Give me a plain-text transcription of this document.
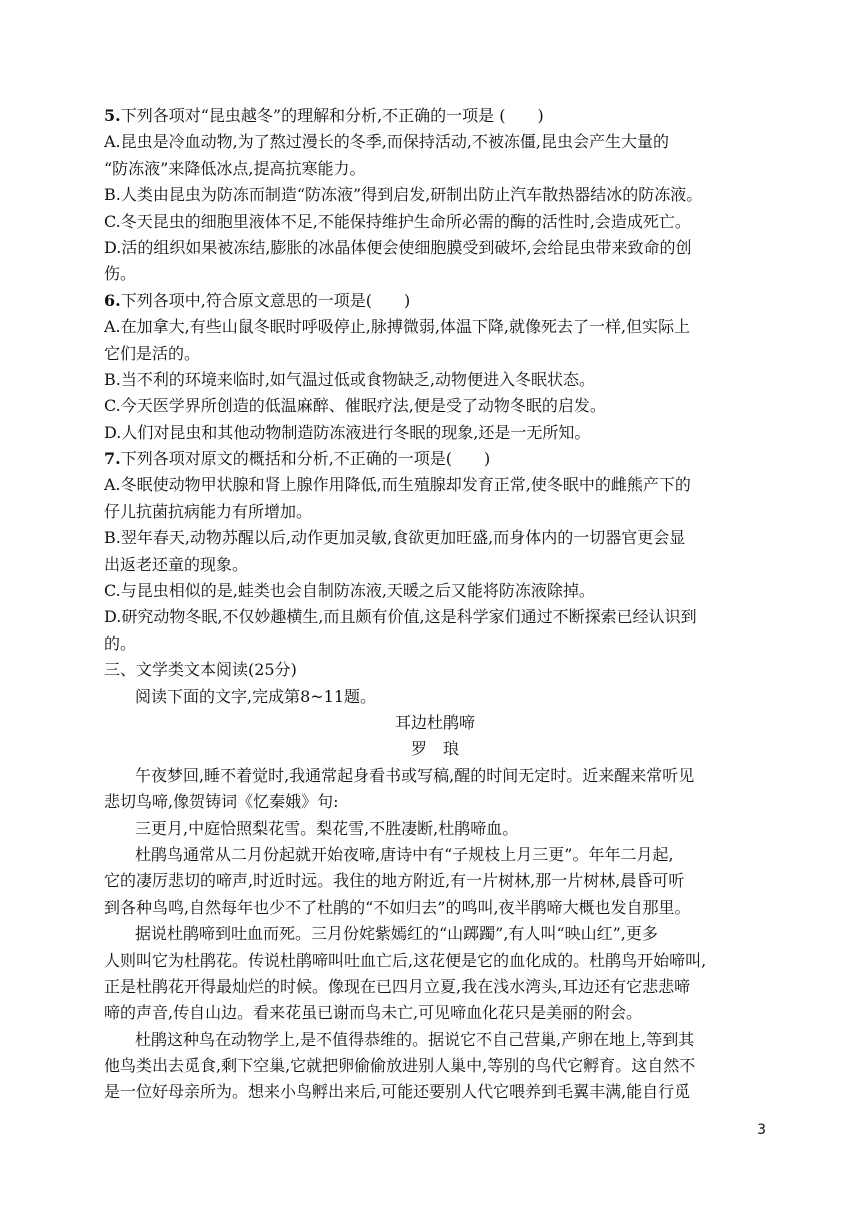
5.下列各项对“昆虫越冬”的理解和分析,不正确的一项是 (　　)
A.昆虫是冷血动物,为了熬过漫长的冬季,而保持活动,不被冻僵,昆虫会产生大量的
“防冻液”来降低冰点,提高抗寒能力。
B.人类由昆虫为防冻而制造“防冻液”得到启发,研制出防止汽车散热器结冰的防冻液。
C.冬天昆虫的细胞里液体不足,不能保持维护生命所必需的酶的活性时,会造成死亡。
D.活的组织如果被冻结,膨胀的冰晶体便会使细胞膜受到破坏,会给昆虫带来致命的创
伤。
6.下列各项中,符合原文意思的一项是(　　)
A.在加拿大,有些山鼠冬眠时呼吸停止,脉搏微弱,体温下降,就像死去了一样,但实际上
它们是活的。
B.当不利的环境来临时,如气温过低或食物缺乏,动物便进入冬眠状态。
C.今天医学界所创造的低温麻醉、催眠疗法,便是受了动物冬眠的启发。
D.人们对昆虫和其他动物制造防冻液进行冬眠的现象,还是一无所知。
7.下列各项对原文的概括和分析,不正确的一项是(　　)
A.冬眠使动物甲状腺和肾上腺作用降低,而生殖腺却发育正常,使冬眠中的雌熊产下的
仔儿抗菌抗病能力有所增加。
B.翌年春天,动物苏醒以后,动作更加灵敏,食欲更加旺盛,而身体内的一切器官更会显
出返老还童的现象。
C.与昆虫相似的是,蛙类也会自制防冻液,天暖之后又能将防冻液除掉。
D.研究动物冬眠,不仅妙趣横生,而且颇有价值,这是科学家们通过不断探索已经认识到
的。
三、文学类文本阅读(25分)
阅读下面的文字,完成第8~11题。
耳边杜鹃啼
罗　琅
午夜梦回,睡不着觉时,我通常起身看书或写稿,醒的时间无定时。近来醒来常听见
悲切鸟啼,像贺铸词《忆秦娥》句:
三更月,中庭恰照梨花雪。梨花雪,不胜凄断,杜鹃啼血。
杜鹃鸟通常从二月份起就开始夜啼,唐诗中有“子规枝上月三更”。年年二月起,
它的凄厉悲切的啼声,时近时远。我住的地方附近,有一片树林,那一片树林,晨昏可听
到各种鸟鸣,自然每年也少不了杜鹃的“不如归去”的鸣叫,夜半鹃啼大概也发自那里。
据说杜鹃啼到吐血而死。三月份姹紫嫣红的“山踯躅”,有人叫“映山红”,更多
人则叫它为杜鹃花。传说杜鹃啼叫吐血亡后,这花便是它的血化成的。杜鹃鸟开始啼叫,
正是杜鹃花开得最灿烂的时候。像现在已四月立夏,我在浅水湾头,耳边还有它悲悲啼
啼的声音,传自山边。看来花虽已谢而鸟未亡,可见啼血化花只是美丽的附会。
杜鹃这种鸟在动物学上,是不值得恭维的。据说它不自己营巢,产卵在地上,等到其
他鸟类出去觅食,剩下空巢,它就把卵偷偷放进别人巢中,等别的鸟代它孵育。这自然不
是一位好母亲所为。想来小鸟孵出来后,可能还要别人代它喂养到毛翼丰满,能自行觅
3
